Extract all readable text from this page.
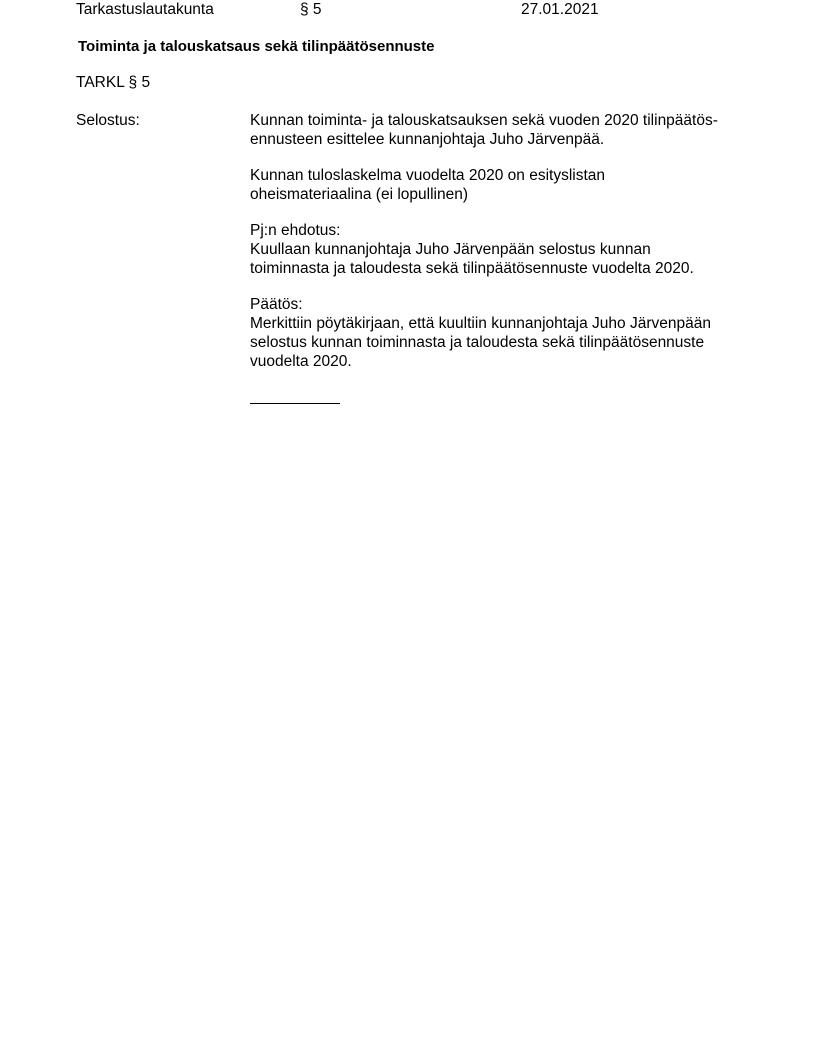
Tarkastuslautakunta	§ 5	27.01.2021
Toiminta ja talouskatsaus sekä tilinpäätösennuste
TARKL § 5
Selostus:	Kunnan toiminta- ja talouskatsauksen sekä vuoden 2020 tilinpäätös-
ennusteen esittelee kunnanjohtaja Juho Järvenpää.
Kunnan tuloslaskelma vuodelta 2020 on esityslistan
oheismateriaalina (ei lopullinen)
Pj:n ehdotus:
Kuullaan kunnanjohtaja Juho Järvenpään selostus kunnan
toiminnasta ja taloudesta sekä tilinpäätösennuste vuodelta 2020.
Päätös:
Merkittiin pöytäkirjaan, että kuultiin kunnanjohtaja Juho Järvenpään
selostus kunnan toiminnasta ja taloudesta sekä tilinpäätösennuste
vuodelta 2020.
